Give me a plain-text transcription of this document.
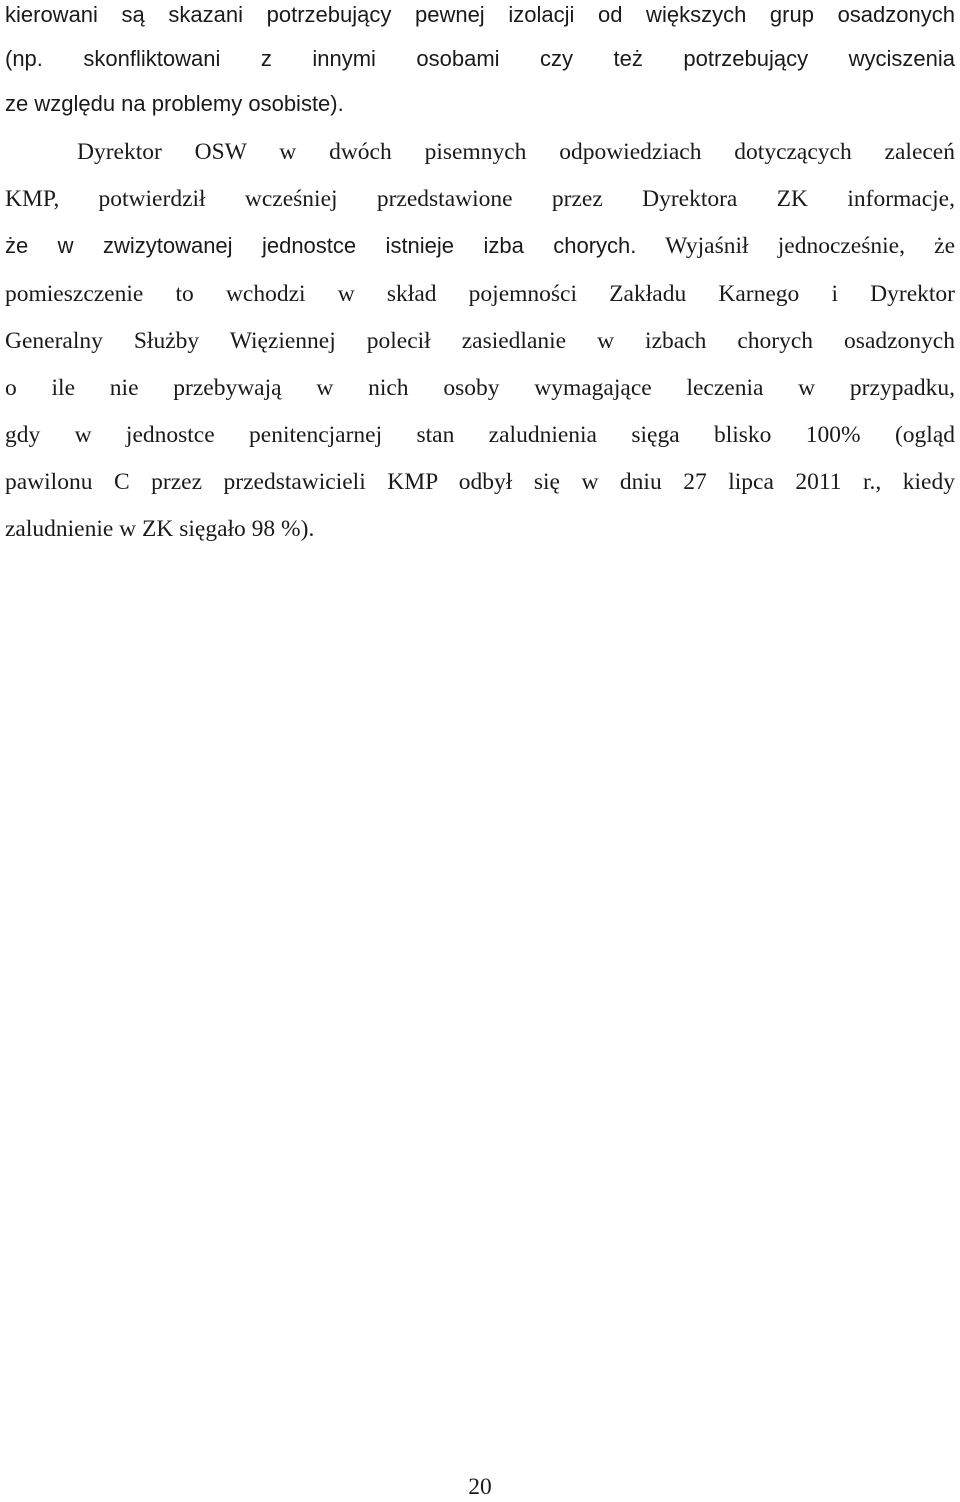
kierowani są skazani potrzebujący pewnej izolacji od większych grup osadzonych
(np. skonfliktowani z innymi osobami czy też potrzebujący wyciszenia
ze względu na problemy osobiste).
Dyrektor OSW w dwóch pisemnych odpowiedziach dotyczących zaleceń
KMP, potwierdził wcześniej przedstawione przez Dyrektora ZK informacje,
że w zwizytowanej jednostce istnieje izba chorych. Wyjaśnił jednocześnie, że
pomieszczenie to wchodzi w skład pojemności Zakładu Karnego i Dyrektor
Generalny Służby Więziennej polecił zasiedlanie w izbach chorych osadzonych
o ile nie przebywają w nich osoby wymagające leczenia w przypadku,
gdy w jednostce penitencjarnej stan zaludnienia sięga blisko 100% (ogląd
pawilonu C przez przedstawicieli KMP odbył się w dniu 27 lipca 2011 r., kiedy
zaludnienie w ZK sięgało 98 %).
20
